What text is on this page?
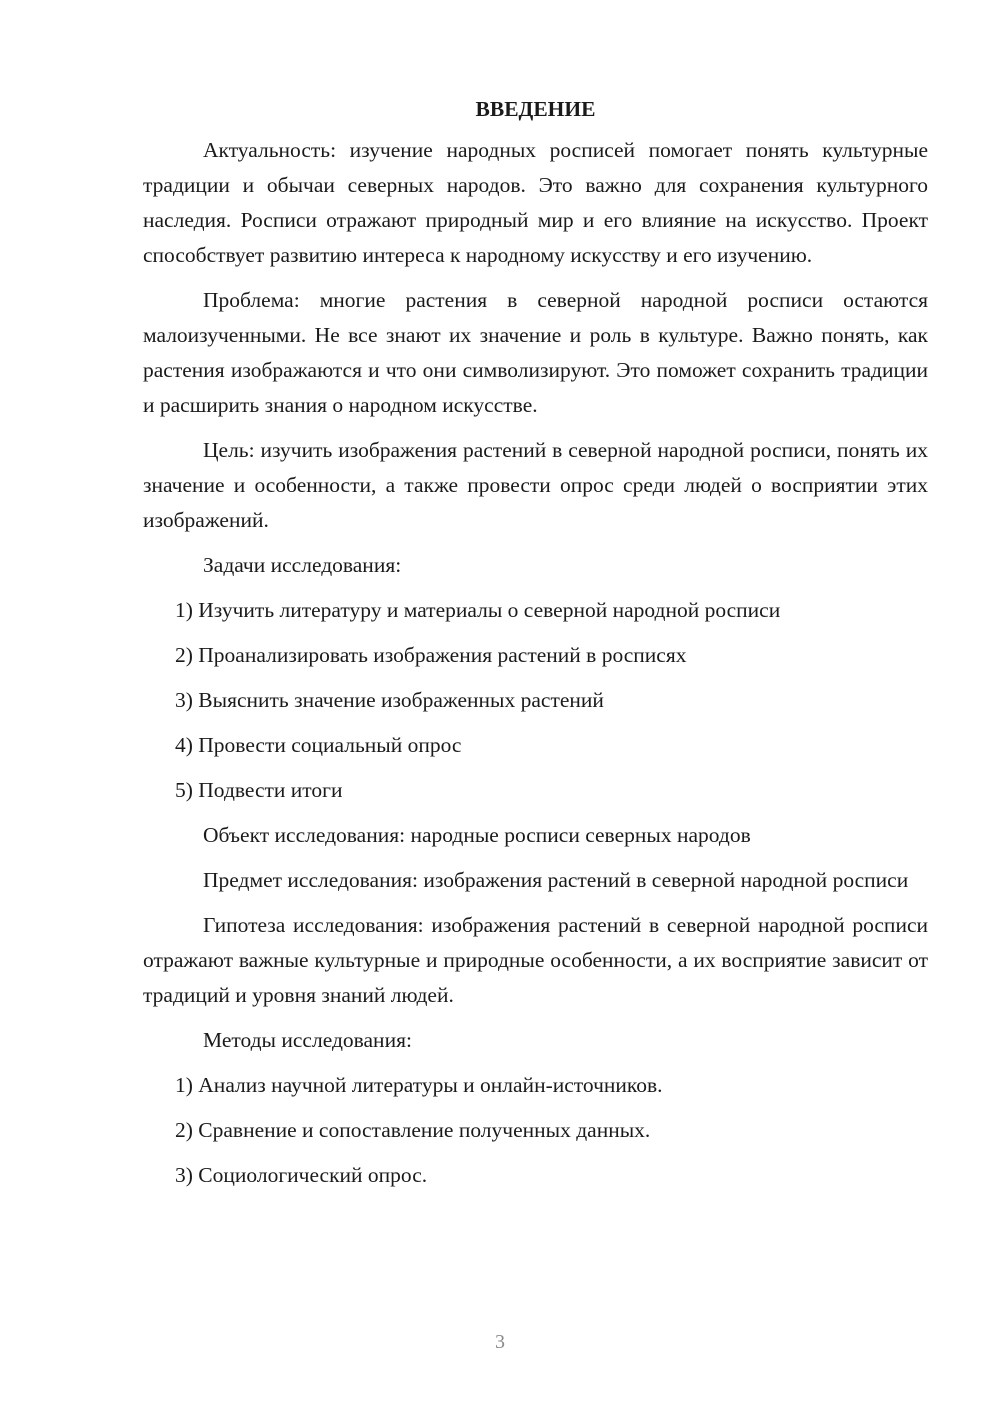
ВВЕДЕНИЕ

Актуальность: изучение народных росписей помогает понять культурные традиции и обычаи северных народов. Это важно для сохранения культурного наследия. Росписи отражают природный мир и его влияние на искусство. Проект способствует развитию интереса к народному искусству и его изучению.

Проблема: многие растения в северной народной росписи остаются малоизученными. Не все знают их значение и роль в культуре. Важно понять, как растения изображаются и что они символизируют. Это поможет сохранить традиции и расширить знания о народном искусстве.

Цель: изучить изображения растений в северной народной росписи, понять их значение и особенности, а также провести опрос среди людей о восприятии этих изображений.

Задачи исследования:

1) Изучить литературу и материалы о северной народной росписи
2) Проанализировать изображения растений в росписях
3) Выяснить значение изображенных растений
4) Провести социальный опрос
5) Подвести итоги

Объект исследования: народные росписи северных народов

Предмет исследования: изображения растений в северной народной росписи

Гипотеза исследования: изображения растений в северной народной росписи отражают важные культурные и природные особенности, а их восприятие зависит от традиций и уровня знаний людей.

Методы исследования:

1) Анализ научной литературы и онлайн-источников.
2) Сравнение и сопоставление полученных данных.
3) Социологический опрос.
3
